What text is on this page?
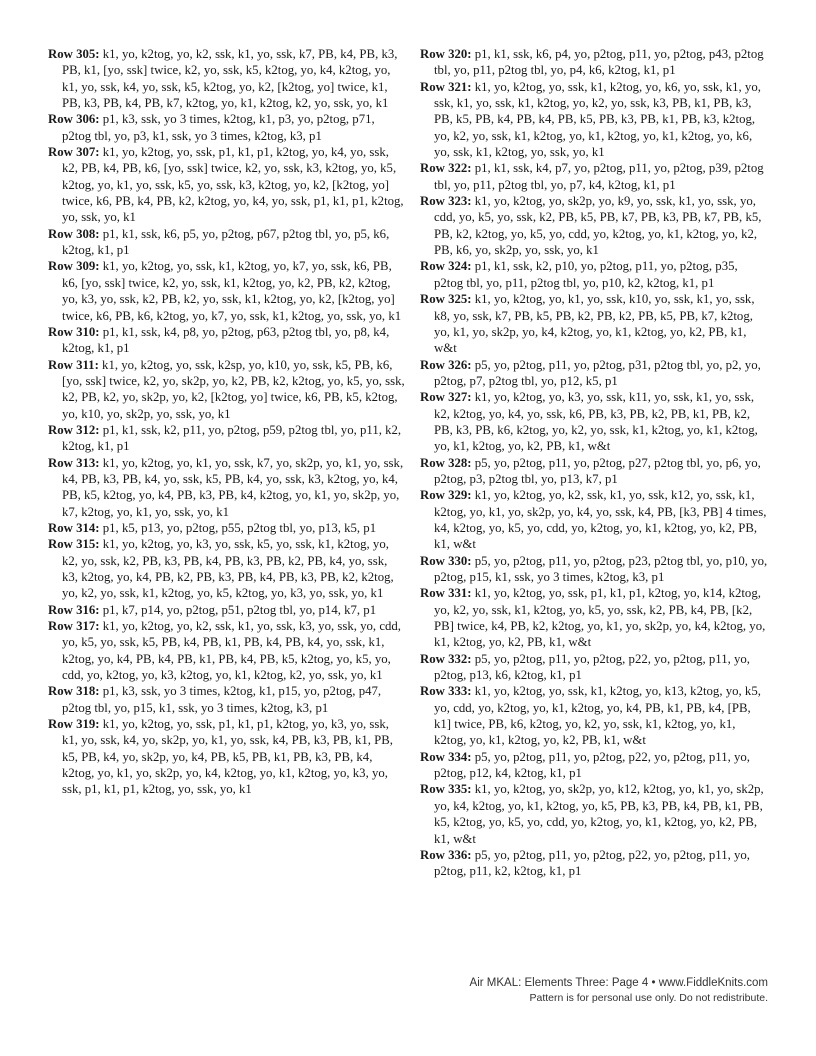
Row 305: k1, yo, k2tog, yo, k2, ssk, k1, yo, ssk, k7, PB, k4, PB, k3, PB, k1, [yo, ssk] twice, k2, yo, ssk, k5, k2tog, yo, k4, k2tog, yo, k1, yo, ssk, k4, yo, ssk, k5, k2tog, yo, k2, [k2tog, yo] twice, k1, PB, k3, PB, k4, PB, k7, k2tog, yo, k1, k2tog, k2, yo, ssk, yo, k1

Row 306: p1, k3, ssk, yo 3 times, k2tog, k1, p3, yo, p2tog, p71, p2tog tbl, yo, p3, k1, ssk, yo 3 times, k2tog, k3, p1

Row 307: k1, yo, k2tog, yo, ssk, p1, k1, p1, k2tog, yo, k4, yo, ssk, k2, PB, k4, PB, k6, [yo, ssk] twice, k2, yo, ssk, k3, k2tog, yo, k5, k2tog, yo, k1, yo, ssk, k5, yo, ssk, k3, k2tog, yo, k2, [k2tog, yo] twice, k6, PB, k4, PB, k2, k2tog, yo, k4, yo, ssk, p1, k1, p1, k2tog, yo, ssk, yo, k1

Row 308: p1, k1, ssk, k6, p5, yo, p2tog, p67, p2tog tbl, yo, p5, k6, k2tog, k1, p1

Row 309: k1, yo, k2tog, yo, ssk, k1, k2tog, yo, k7, yo, ssk, k6, PB, k6, [yo, ssk] twice, k2, yo, ssk, k1, k2tog, yo, k2, PB, k2, k2tog, yo, k3, yo, ssk, k2, PB, k2, yo, ssk, k1, k2tog, yo, k2, [k2tog, yo] twice, k6, PB, k6, k2tog, yo, k7, yo, ssk, k1, k2tog, yo, ssk, yo, k1

Row 310: p1, k1, ssk, k4, p8, yo, p2tog, p63, p2tog tbl, yo, p8, k4, k2tog, k1, p1

Row 311: k1, yo, k2tog, yo, ssk, k2sp, yo, k10, yo, ssk, k5, PB, k6, [yo, ssk] twice, k2, yo, sk2p, yo, k2, PB, k2, k2tog, yo, k5, yo, ssk, k2, PB, k2, yo, sk2p, yo, k2, [k2tog, yo] twice, k6, PB, k5, k2tog, yo, k10, yo, sk2p, yo, ssk, yo, k1

Row 312: p1, k1, ssk, k2, p11, yo, p2tog, p59, p2tog tbl, yo, p11, k2, k2tog, k1, p1

Row 313: k1, yo, k2tog, yo, k1, yo, ssk, k7, yo, sk2p, yo, k1, yo, ssk, k4, PB, k3, PB, k4, yo, ssk, k5, PB, k4, yo, ssk, k3, k2tog, yo, k4, PB, k5, k2tog, yo, k4, PB, k3, PB, k4, k2tog, yo, k1, yo, sk2p, yo, k7, k2tog, yo, k1, yo, ssk, yo, k1

Row 314: p1, k5, p13, yo, p2tog, p55, p2tog tbl, yo, p13, k5, p1

Row 315: k1, yo, k2tog, yo, k3, yo, ssk, k5, yo, ssk, k1, k2tog, yo, k2, yo, ssk, k2, PB, k3, PB, k4, PB, k3, PB, k2, PB, k4, yo, ssk, k3, k2tog, yo, k4, PB, k2, PB, k3, PB, k4, PB, k3, PB, k2, k2tog, yo, k2, yo, ssk, k1, k2tog, yo, k5, k2tog, yo, k3, yo, ssk, yo, k1

Row 316: p1, k7, p14, yo, p2tog, p51, p2tog tbl, yo, p14, k7, p1

Row 317: k1, yo, k2tog, yo, k2, ssk, k1, yo, ssk, k3, yo, ssk, yo, cdd, yo, k5, yo, ssk, k5, PB, k4, PB, k1, PB, k4, PB, k4, yo, ssk, k1, k2tog, yo, k4, PB, k4, PB, k1, PB, k4, PB, k5, k2tog, yo, k5, yo, cdd, yo, k2tog, yo, k3, k2tog, yo, k1, k2tog, k2, yo, ssk, yo, k1

Row 318: p1, k3, ssk, yo 3 times, k2tog, k1, p15, yo, p2tog, p47, p2tog tbl, yo, p15, k1, ssk, yo 3 times, k2tog, k3, p1

Row 319: k1, yo, k2tog, yo, ssk, p1, k1, p1, k2tog, yo, k3, yo, ssk, k1, yo, ssk, k4, yo, sk2p, yo, k1, yo, ssk, k4, PB, k3, PB, k1, PB, k5, PB, k4, yo, sk2p, yo, k4, PB, k5, PB, k1, PB, k3, PB, k4, k2tog, yo, k1, yo, sk2p, yo, k4, k2tog, yo, k1, k2tog, yo, k3, yo, ssk, p1, k1, p1, k2tog, yo, ssk, yo, k1

Row 320: p1, k1, ssk, k6, p4, yo, p2tog, p11, yo, p2tog, p43, p2tog tbl, yo, p11, p2tog tbl, yo, p4, k6, k2tog, k1, p1

Row 321: k1, yo, k2tog, yo, ssk, k1, k2tog, yo, k6, yo, ssk, k1, yo, ssk, k1, yo, ssk, k1, k2tog, yo, k2, yo, ssk, k3, PB, k1, PB, k3, PB, k5, PB, k4, PB, k4, PB, k5, PB, k3, PB, k1, PB, k3, k2tog, yo, k2, yo, ssk, k1, k2tog, yo, k1, k2tog, yo, k1, k2tog, yo, k6, yo, ssk, k1, k2tog, yo, ssk, yo, k1

Row 322: p1, k1, ssk, k4, p7, yo, p2tog, p11, yo, p2tog, p39, p2tog tbl, yo, p11, p2tog tbl, yo, p7, k4, k2tog, k1, p1

Row 323: k1, yo, k2tog, yo, sk2p, yo, k9, yo, ssk, k1, yo, ssk, yo, cdd, yo, k5, yo, ssk, k2, PB, k5, PB, k7, PB, k3, PB, k7, PB, k5, PB, k2, k2tog, yo, k5, yo, cdd, yo, k2tog, yo, k1, k2tog, yo, k2, PB, k6, yo, sk2p, yo, ssk, yo, k1

Row 324: p1, k1, ssk, k2, p10, yo, p2tog, p11, yo, p2tog, p35, p2tog tbl, yo, p11, p2tog tbl, yo, p10, k2, k2tog, k1, p1

Row 325: k1, yo, k2tog, yo, k1, yo, ssk, k10, yo, ssk, k1, yo, ssk, k8, yo, ssk, k7, PB, k5, PB, k2, PB, k2, PB, k5, PB, k7, k2tog, yo, k1, yo, sk2p, yo, k4, k2tog, yo, k1, k2tog, yo, k2, PB, k1, w&t

Row 326: p5, yo, p2tog, p11, yo, p2tog, p31, p2tog tbl, yo, p2, yo, p2tog, p7, p2tog tbl, yo, p12, k5, p1

Row 327: k1, yo, k2tog, yo, k3, yo, ssk, k11, yo, ssk, k1, yo, ssk, k2, k2tog, yo, k4, yo, ssk, k6, PB, k3, PB, k2, PB, k1, PB, k2, PB, k3, PB, k6, k2tog, yo, k2, yo, ssk, k1, k2tog, yo, k1, k2tog, yo, k1, k2tog, yo, k2, PB, k1, w&t

Row 328: p5, yo, p2tog, p11, yo, p2tog, p27, p2tog tbl, yo, p6, yo, p2tog, p3, p2tog tbl, yo, p13, k7, p1

Row 329: k1, yo, k2tog, yo, k2, ssk, k1, yo, ssk, k12, yo, ssk, k1, k2tog, yo, k1, yo, sk2p, yo, k4, yo, ssk, k4, PB, [k3, PB] 4 times, k4, k2tog, yo, k5, yo, cdd, yo, k2tog, yo, k1, k2tog, yo, k2, PB, k1, w&t

Row 330: p5, yo, p2tog, p11, yo, p2tog, p23, p2tog tbl, yo, p10, yo, p2tog, p15, k1, ssk, yo 3 times, k2tog, k3, p1

Row 331: k1, yo, k2tog, yo, ssk, p1, k1, p1, k2tog, yo, k14, k2tog, yo, k2, yo, ssk, k1, k2tog, yo, k5, yo, ssk, k2, PB, k4, PB, [k2, PB] twice, k4, PB, k2, k2tog, yo, k1, yo, sk2p, yo, k4, k2tog, yo, k1, k2tog, yo, k2, PB, k1, w&t

Row 332: p5, yo, p2tog, p11, yo, p2tog, p22, yo, p2tog, p11, yo, p2tog, p13, k6, k2tog, k1, p1

Row 333: k1, yo, k2tog, yo, ssk, k1, k2tog, yo, k13, k2tog, yo, k5, yo, cdd, yo, k2tog, yo, k1, k2tog, yo, k4, PB, k1, PB, k4, [PB, k1] twice, PB, k6, k2tog, yo, k2, yo, ssk, k1, k2tog, yo, k1, k2tog, yo, k1, k2tog, yo, k2, PB, k1, w&t

Row 334: p5, yo, p2tog, p11, yo, p2tog, p22, yo, p2tog, p11, yo, p2tog, p12, k4, k2tog, k1, p1

Row 335: k1, yo, k2tog, yo, sk2p, yo, k12, k2tog, yo, k1, yo, sk2p, yo, k4, k2tog, yo, k1, k2tog, yo, k5, PB, k3, PB, k4, PB, k1, PB, k5, k2tog, yo, k5, yo, cdd, yo, k2tog, yo, k1, k2tog, yo, k2, PB, k1, w&t

Row 336: p5, yo, p2tog, p11, yo, p2tog, p22, yo, p2tog, p11, yo, p2tog, p11, k2, k2tog, k1, p1

Air MKAL: Elements Three: Page 4 • www.FiddleKnits.com
Pattern is for personal use only. Do not redistribute.
